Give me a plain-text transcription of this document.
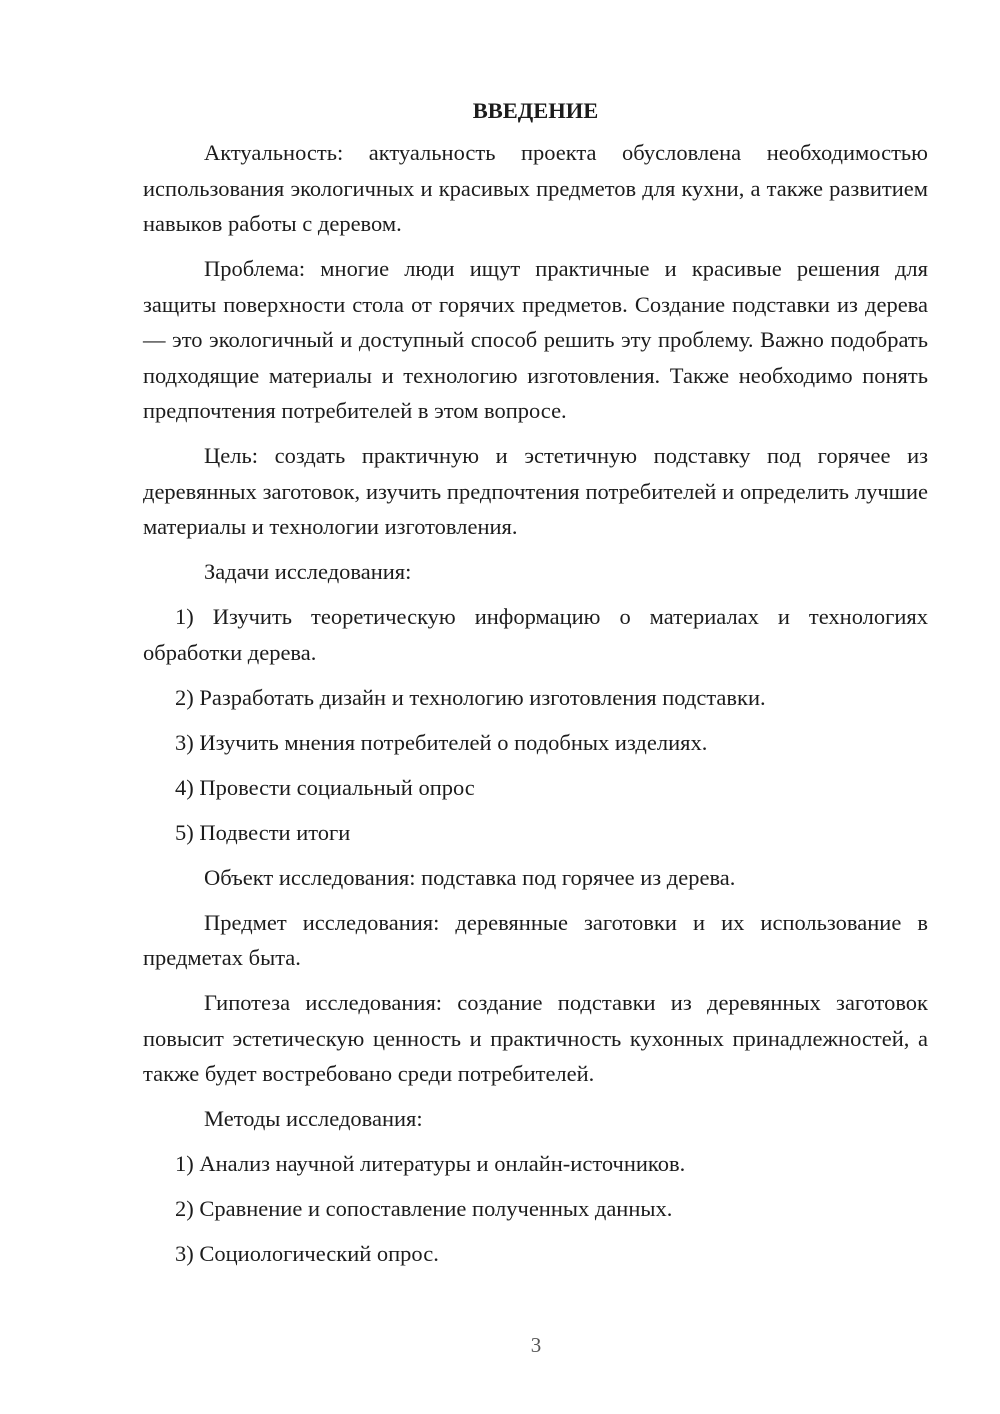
ВВЕДЕНИЕ

Актуальность: актуальность проекта обусловлена необходимостью использования экологичных и красивых предметов для кухни, а также развитием навыков работы с деревом.

Проблема: многие люди ищут практичные и красивые решения для защиты поверхности стола от горячих предметов. Создание подставки из дерева — это экологичный и доступный способ решить эту проблему. Важно подобрать подходящие материалы и технологию изготовления. Также необходимо понять предпочтения потребителей в этом вопросе.

Цель: создать практичную и эстетичную подставку под горячее из деревянных заготовок, изучить предпочтения потребителей и определить лучшие материалы и технологии изготовления.

Задачи исследования:

1) Изучить теоретическую информацию о материалах и технологиях обработки дерева.

2) Разработать дизайн и технологию изготовления подставки.

3) Изучить мнения потребителей о подобных изделиях.

4) Провести социальный опрос

5) Подвести итоги

Объект исследования: подставка под горячее из дерева.

Предмет исследования: деревянные заготовки и их использование в предметах быта.

Гипотеза исследования: создание подставки из деревянных заготовок повысит эстетическую ценность и практичность кухонных принадлежностей, а также будет востребовано среди потребителей.

Методы исследования:

1) Анализ научной литературы и онлайн-источников.

2) Сравнение и сопоставление полученных данных.

3) Социологический опрос.

3
